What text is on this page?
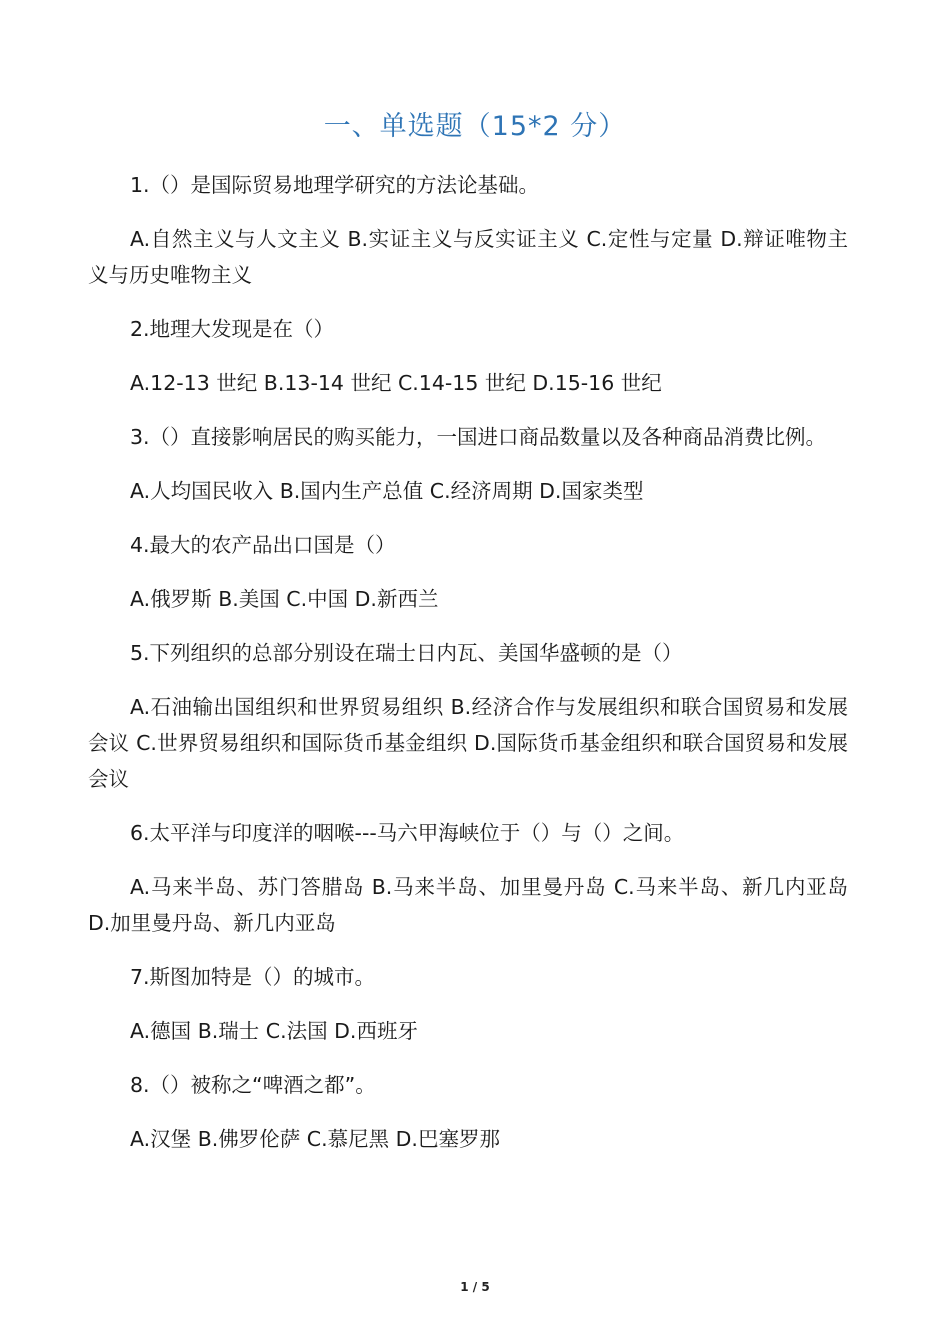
一、单选题（15*2 分）

1.（）是国际贸易地理学研究的方法论基础。

A.自然主义与人文主义 B.实证主义与反实证主义 C.定性与定量 D.辩证唯物主义与历史唯物主义

2.地理大发现是在（）

A.12-13 世纪 B.13-14 世纪 C.14-15 世纪 D.15-16 世纪

3.（）直接影响居民的购买能力，一国进口商品数量以及各种商品消费比例。

A.人均国民收入 B.国内生产总值 C.经济周期 D.国家类型

4.最大的农产品出口国是（）

A.俄罗斯 B.美国 C.中国 D.新西兰

5.下列组织的总部分别设在瑞士日内瓦、美国华盛顿的是（）

A.石油输出国组织和世界贸易组织 B.经济合作与发展组织和联合国贸易和发展会议 C.世界贸易组织和国际货币基金组织 D.国际货币基金组织和联合国贸易和发展会议

6.太平洋与印度洋的咽喉---马六甲海峡位于（）与（）之间。

A.马来半岛、苏门答腊岛 B.马来半岛、加里曼丹岛 C.马来半岛、新几内亚岛 D.加里曼丹岛、新几内亚岛

7.斯图加特是（）的城市。

A.德国 B.瑞士 C.法国 D.西班牙

8.（）被称之“啤酒之都”。

A.汉堡 B.佛罗伦萨 C.慕尼黑 D.巴塞罗那

1 / 5
